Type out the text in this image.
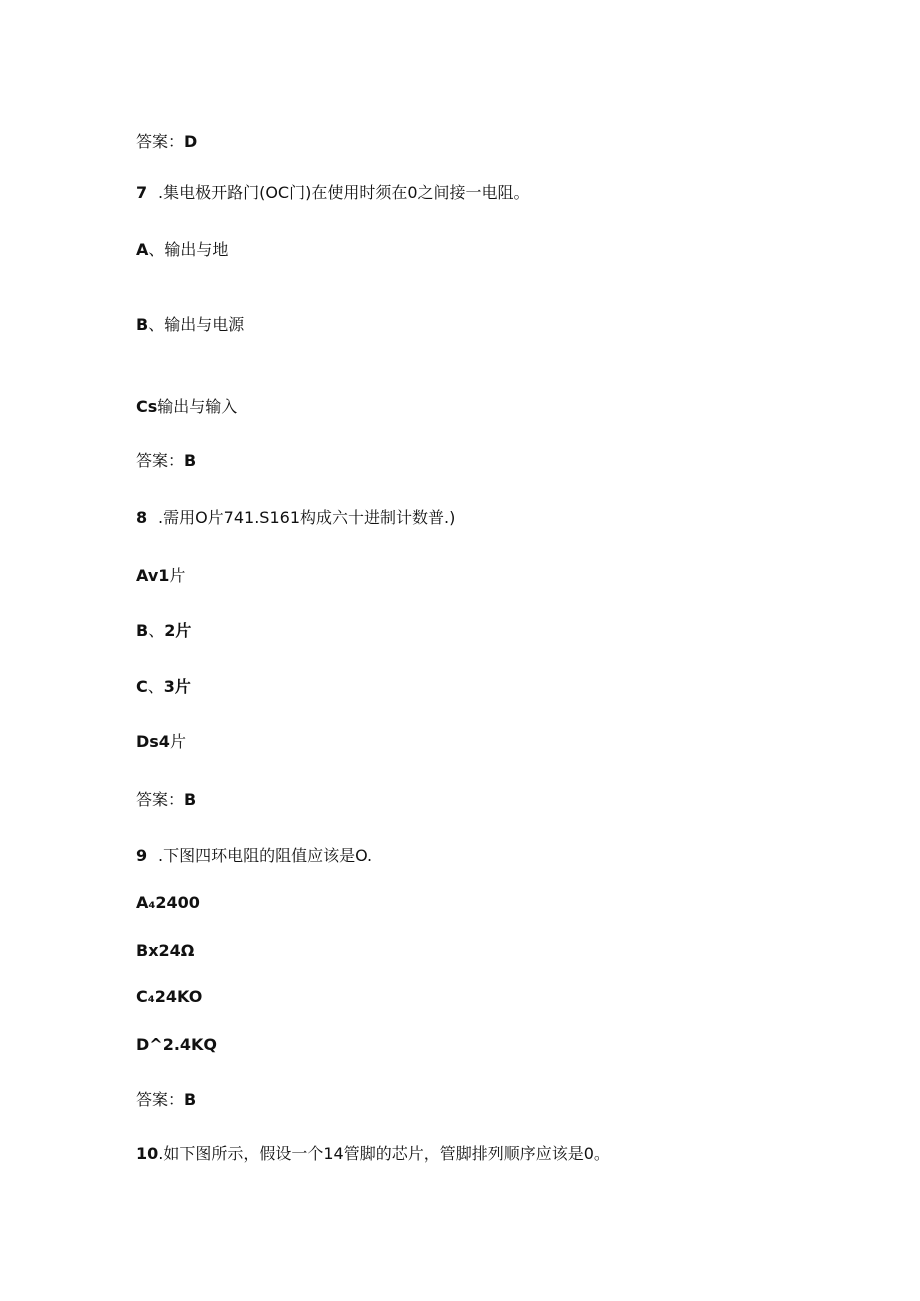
答案：D
7 .集电极开路门(OC门)在使用时须在0之间接一电阻。
A、输出与地
B、输出与电源
Cs输出与输入
答案：B
8 .需用O片741.S161构成六十进制计数普.)
Av1片
B、2片
C、3片
Ds4片
答案：B
9 .下图四环电阻的阻值应该是O.
A₄2400
Bx24Ω
C₄24KO
D^2.4KQ
答案：B
10.如下图所示，假设一个14管脚的芯片，管脚排列顺序应该是0。
